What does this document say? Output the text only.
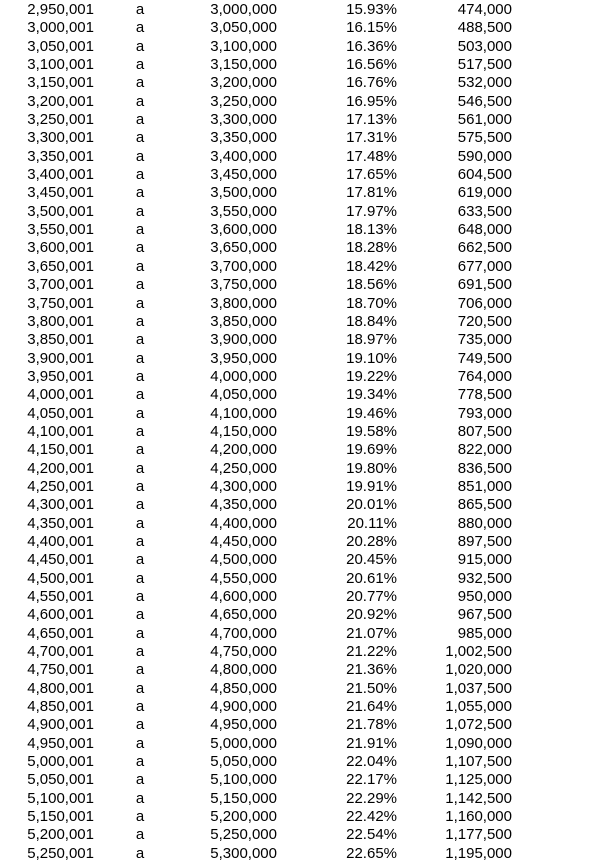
2,950,001	a	3,000,000	15.93%	474,000
3,000,001	a	3,050,000	16.15%	488,500
3,050,001	a	3,100,000	16.36%	503,000
3,100,001	a	3,150,000	16.56%	517,500
3,150,001	a	3,200,000	16.76%	532,000
3,200,001	a	3,250,000	16.95%	546,500
3,250,001	a	3,300,000	17.13%	561,000
3,300,001	a	3,350,000	17.31%	575,500
3,350,001	a	3,400,000	17.48%	590,000
3,400,001	a	3,450,000	17.65%	604,500
3,450,001	a	3,500,000	17.81%	619,000
3,500,001	a	3,550,000	17.97%	633,500
3,550,001	a	3,600,000	18.13%	648,000
3,600,001	a	3,650,000	18.28%	662,500
3,650,001	a	3,700,000	18.42%	677,000
3,700,001	a	3,750,000	18.56%	691,500
3,750,001	a	3,800,000	18.70%	706,000
3,800,001	a	3,850,000	18.84%	720,500
3,850,001	a	3,900,000	18.97%	735,000
3,900,001	a	3,950,000	19.10%	749,500
3,950,001	a	4,000,000	19.22%	764,000
4,000,001	a	4,050,000	19.34%	778,500
4,050,001	a	4,100,000	19.46%	793,000
4,100,001	a	4,150,000	19.58%	807,500
4,150,001	a	4,200,000	19.69%	822,000
4,200,001	a	4,250,000	19.80%	836,500
4,250,001	a	4,300,000	19.91%	851,000
4,300,001	a	4,350,000	20.01%	865,500
4,350,001	a	4,400,000	20.11%	880,000
4,400,001	a	4,450,000	20.28%	897,500
4,450,001	a	4,500,000	20.45%	915,000
4,500,001	a	4,550,000	20.61%	932,500
4,550,001	a	4,600,000	20.77%	950,000
4,600,001	a	4,650,000	20.92%	967,500
4,650,001	a	4,700,000	21.07%	985,000
4,700,001	a	4,750,000	21.22%	1,002,500
4,750,001	a	4,800,000	21.36%	1,020,000
4,800,001	a	4,850,000	21.50%	1,037,500
4,850,001	a	4,900,000	21.64%	1,055,000
4,900,001	a	4,950,000	21.78%	1,072,500
4,950,001	a	5,000,000	21.91%	1,090,000
5,000,001	a	5,050,000	22.04%	1,107,500
5,050,001	a	5,100,000	22.17%	1,125,000
5,100,001	a	5,150,000	22.29%	1,142,500
5,150,001	a	5,200,000	22.42%	1,160,000
5,200,001	a	5,250,000	22.54%	1,177,500
5,250,001	a	5,300,000	22.65%	1,195,000
